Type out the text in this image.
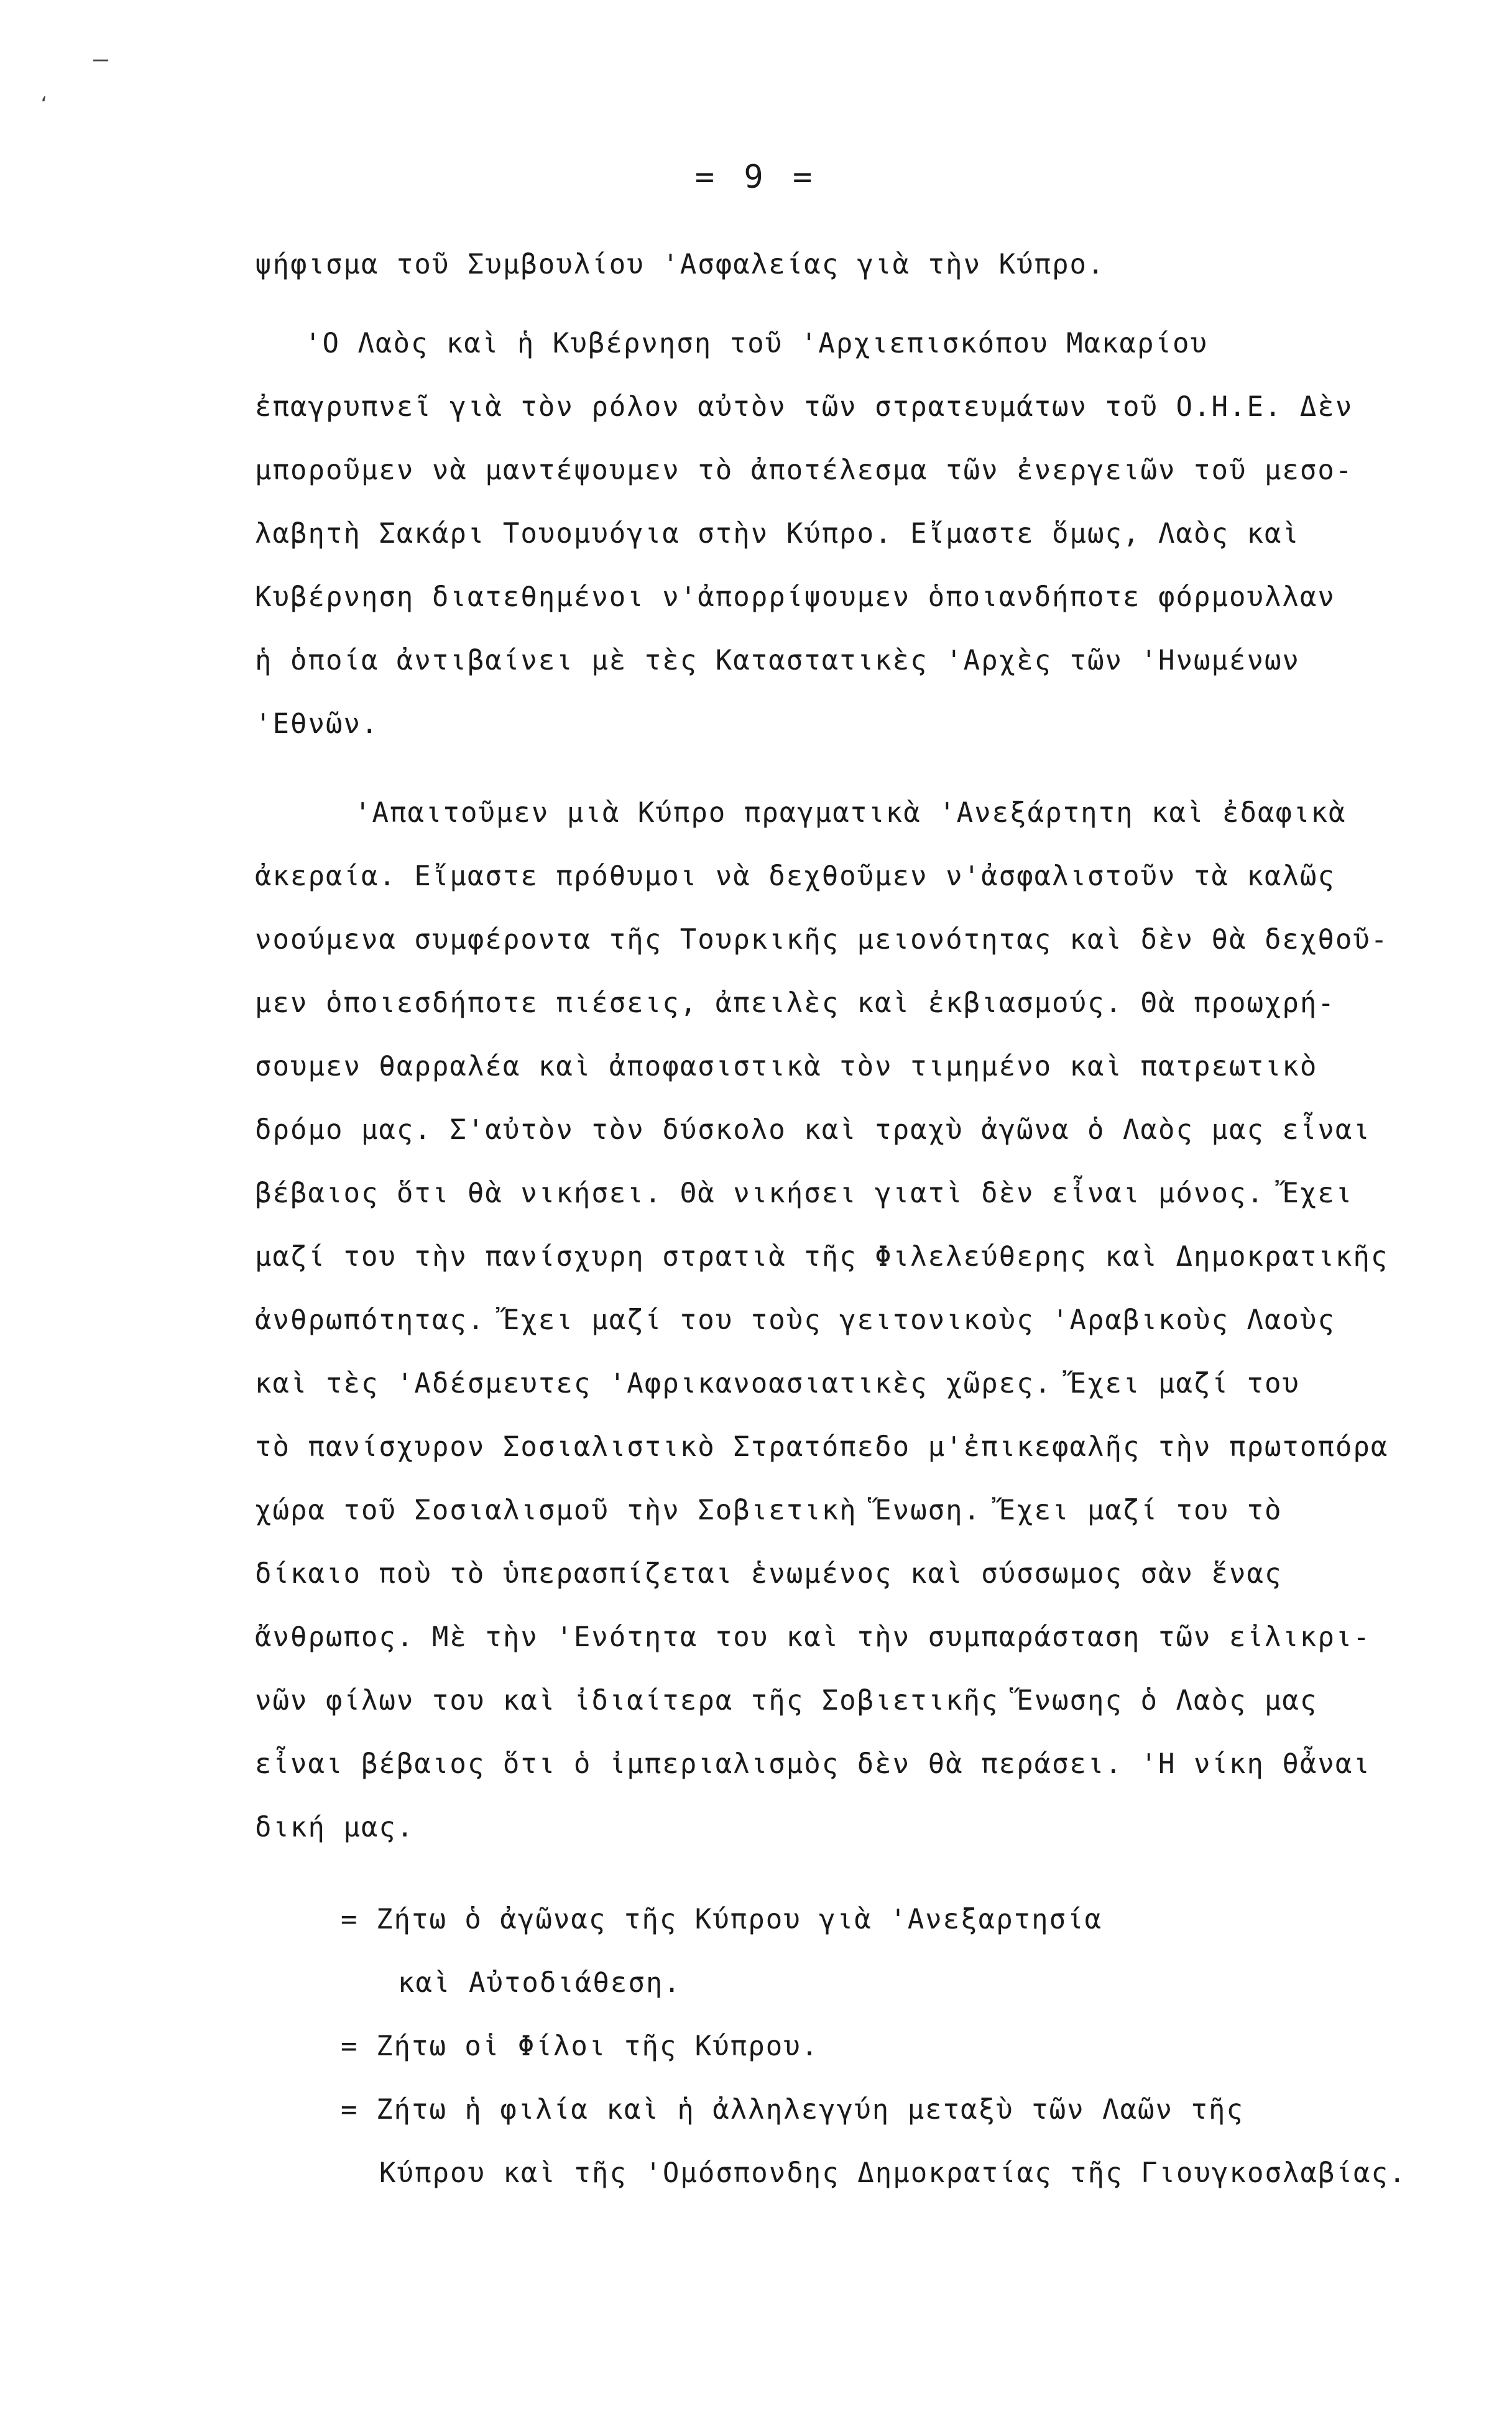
–
‘
= 9 =
ψήφισμα τοῦ Συμβουλίου 'Ασφαλείας γιὰ τὴν Κύπρο.
'Ο Λαὸς καὶ ἡ Κυβέρνηση τοῦ 'Αρχιεπισκόπου Μακαρίου
ἐπαγρυπνεῖ γιὰ τὸν ρόλον αὐτὸν τῶν στρατευμάτων τοῦ Ο.Η.Ε. Δὲν
μποροῦμεν νὰ μαντέψουμεν τὸ ἀποτέλεσμα τῶν ἐνεργειῶν τοῦ μεσο-
λαβητὴ Σακάρι Τουομυόγια στὴν Κύπρο. Εἴμαστε ὅμως, Λαὸς καὶ
Κυβέρνηση διατεθημένοι ν'ἀπορρίψουμεν ὁποιανδήποτε φόρμουλλαν
ἡ ὁποία ἀντιβαίνει μὲ τὲς Καταστατικὲς 'Αρχὲς τῶν 'Ηνωμένων
'Εθνῶν.
'Απαιτοῦμεν μιὰ Κύπρο πραγματικὰ 'Ανεξάρτητη καὶ ἐδαφικὰ
ἀκεραία. Εἴμαστε πρόθυμοι νὰ δεχθοῦμεν ν'ἀσφαλιστοῦν τὰ καλῶς
νοούμενα συμφέροντα τῆς Τουρκικῆς μειονότητας καὶ δὲν θὰ δεχθοῦ-
μεν ὁποιεσδήποτε πιέσεις, ἀπειλὲς καὶ ἐκβιασμούς. Θὰ προωχρή-
σουμεν θαρραλέα καὶ ἀποφασιστικὰ τὸν τιμημένο καὶ πατρεωτικὸ
δρόμο μας. Σ'αὐτὸν τὸν δύσκολο καὶ τραχὺ ἀγῶνα ὁ Λαὸς μας εἶναι
βέβαιος ὅτι θὰ νικήσει. Θὰ νικήσει γιατὶ δὲν εἶναι μόνος. Ἔχει
μαζί του τὴν πανίσχυρη στρατιὰ τῆς Φιλελεύθερης καὶ Δημοκρατικῆς
ἀνθρωπότητας. Ἔχει μαζί του τοὺς γειτονικοὺς 'Αραβικοὺς Λαοὺς
καὶ τὲς 'Αδέσμευτες 'Αφρικανοασιατικὲς χῶρες. Ἔχει μαζί του
τὸ πανίσχυρον Σοσιαλιστικὸ Στρατόπεδο μ'ἐπικεφαλῆς τὴν πρωτοπόρα
χώρα τοῦ Σοσιαλισμοῦ τὴν Σοβιετικὴ Ἕνωση. Ἔχει μαζί του τὸ
δίκαιο ποὺ τὸ ὑπερασπίζεται ἑνωμένος καὶ σύσσωμος σὰν ἕνας
ἄνθρωπος. Μὲ τὴν 'Ενότητα του καὶ τὴν συμπαράσταση τῶν εἰλικρι-
νῶν φίλων του καὶ ἰδιαίτερα τῆς Σοβιετικῆς Ἕνωσης ὁ Λαὸς μας
εἶναι βέβαιος ὅτι ὁ ἰμπεριαλισμὸς δὲν θὰ περάσει. 'Η νίκη θἆναι
δική μας.
= Ζήτω ὁ ἀγῶνας τῆς Κύπρου γιὰ 'Ανεξαρτησία
καὶ Αὐτοδιάθεση.
= Ζήτω οἱ Φίλοι τῆς Κύπρου.
= Ζήτω ἡ φιλία καὶ ἡ ἀλληλεγγύη μεταξὺ τῶν Λαῶν τῆς
Κύπρου καὶ τῆς 'Ομόσπονδης Δημοκρατίας τῆς Γιουγκοσλαβίας.
